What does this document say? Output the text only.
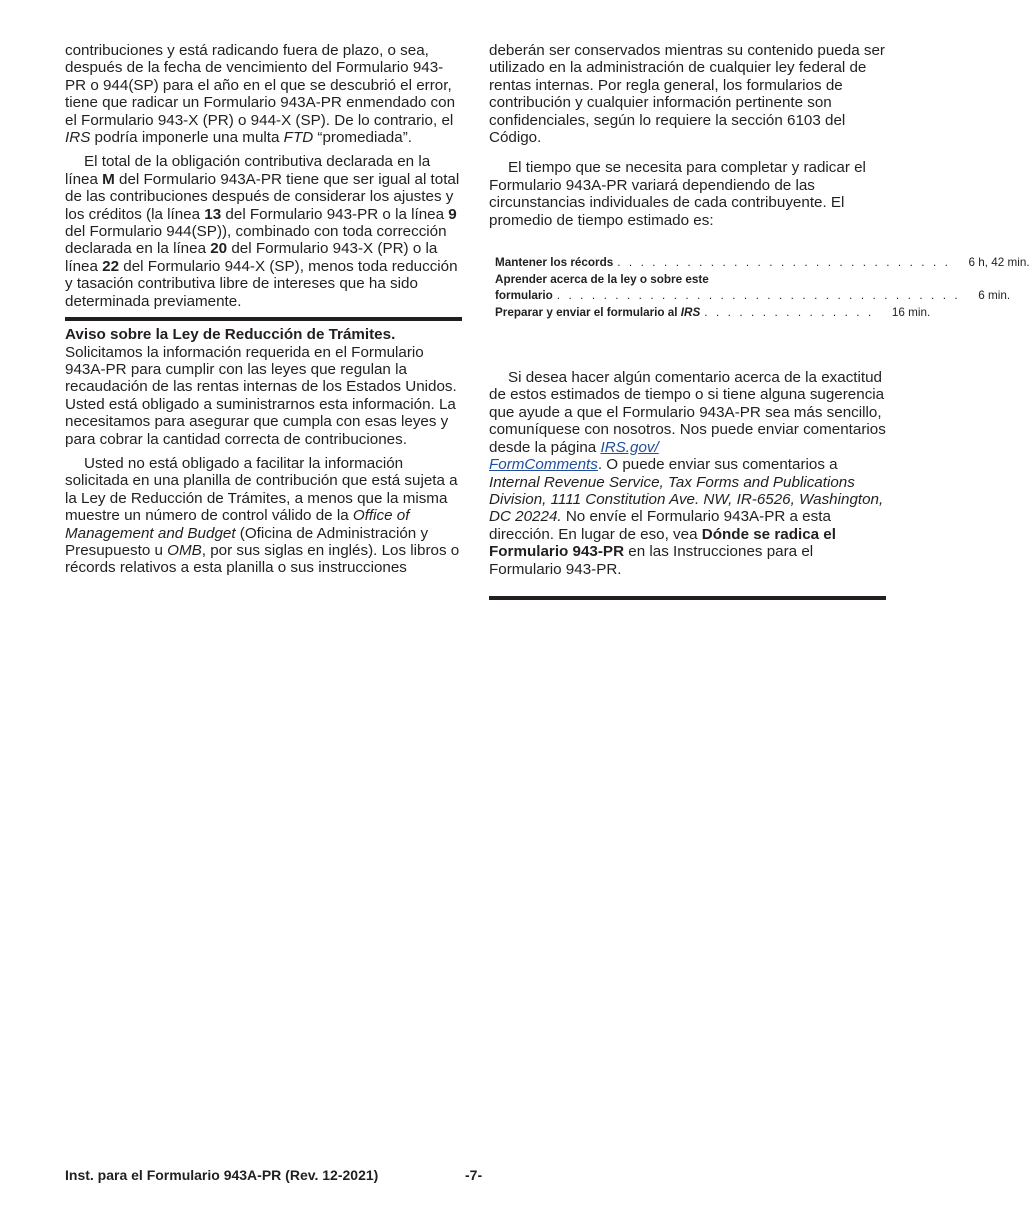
contribuciones y está radicando fuera de plazo, o sea, después de la fecha de vencimiento del Formulario 943-PR o 944(SP) para el año en el que se descubrió el error, tiene que radicar un Formulario 943A-PR enmendado con el Formulario 943-X (PR) o 944-X (SP). De lo contrario, el IRS podría imponerle una multa FTD “promediada”.

El total de la obligación contributiva declarada en la línea M del Formulario 943A-PR tiene que ser igual al total de las contribuciones después de considerar los ajustes y los créditos (la línea 13 del Formulario 943-PR o la línea 9 del Formulario 944(SP)), combinado con toda corrección declarada en la línea 20 del Formulario 943-X (PR) o la línea 22 del Formulario 944-X (SP), menos toda reducción y tasación contributiva libre de intereses que ha sido determinada previamente.

Aviso sobre la Ley de Reducción de Trámites.
Solicitamos la información requerida en el Formulario 943A-PR para cumplir con las leyes que regulan la recaudación de las rentas internas de los Estados Unidos. Usted está obligado a suministrarnos esta información. La necesitamos para asegurar que cumpla con esas leyes y para cobrar la cantidad correcta de contribuciones.

Usted no está obligado a facilitar la información solicitada en una planilla de contribución que está sujeta a la Ley de Reducción de Trámites, a menos que la misma muestre un número de control válido de la Office of Management and Budget (Oficina de Administración y Presupuesto u OMB, por sus siglas en inglés). Los libros o récords relativos a esta planilla o sus instrucciones

deberán ser conservados mientras su contenido pueda ser utilizado en la administración de cualquier ley federal de rentas internas. Por regla general, los formularios de contribución y cualquier información pertinente son confidenciales, según lo requiere la sección 6103 del Código.

El tiempo que se necesita para completar y radicar el Formulario 943A-PR variará dependiendo de las circunstancias individuales de cada contribuyente. El promedio de tiempo estimado es:

Mantener los récords . . . . . . . . . . . . . . . . . . . . . . . . . . . . .	6 h, 42 min.
Aprender acerca de la ley o sobre este
formulario . . . . . . . . . . . . . . . . . . . . . . . . . . . . . . . . . . .	6 min.
Preparar y enviar el formulario al IRS . . . . . . . . . . . . . . .	16 min.

Si desea hacer algún comentario acerca de la exactitud de estos estimados de tiempo o si tiene alguna sugerencia que ayude a que el Formulario 943A-PR sea más sencillo, comuníquese con nosotros. Nos puede enviar comentarios desde la página IRS.gov/
FormComments. O puede enviar sus comentarios a Internal Revenue Service, Tax Forms and Publications Division, 1111 Constitution Ave. NW, IR-6526, Washington, DC 20224. No envíe el Formulario 943A-PR a esta dirección. En lugar de eso, vea Dónde se radica el Formulario 943-PR en las Instrucciones para el Formulario 943-PR.

Inst. para el Formulario 943A-PR (Rev. 12-2021)	-7-
